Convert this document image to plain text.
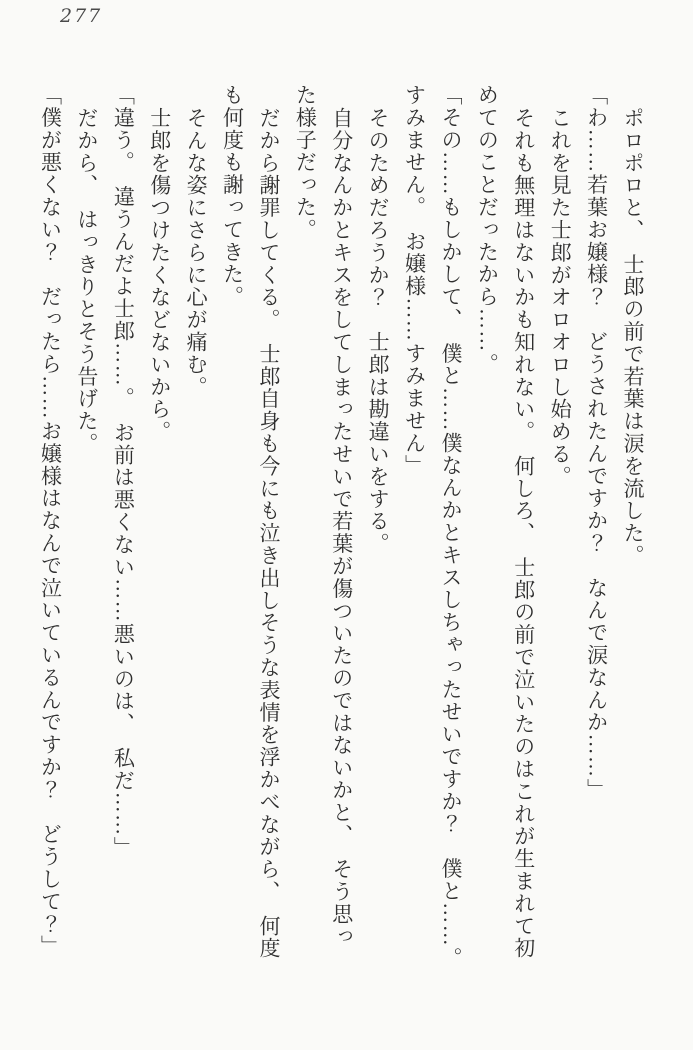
277

ポロポロと、　士郎の前で若葉は涙を流した。

「わ……若葉お嬢様？　どうされたんですか？　なんで涙なんか……」

これを見た士郎がオロオロし始める。

それも無理はないかも知れない。　何しろ、　士郎の前で泣いたのはこれが生まれて初

めてのことだったから……。

「その……もしかして、　僕と……僕なんかとキスしちゃったせいですか？　僕と……。

すみません。　お嬢様……すみません」

そのためだろうか？　士郎は勘違いをする。

自分なんかとキスをしてしまったせいで若葉が傷ついたのではないかと、　そう思っ

た様子だった。

だから謝罪してくる。　士郎自身も今にも泣き出しそうな表情を浮かべながら、　何度

も何度も謝ってきた。

そんな姿にさらに心が痛む。

士郎を傷つけたくなどないから。

「違う。　違うんだよ士郎……。　お前は悪くない……悪いのは、　私だ……」

だから、　はっきりとそう告げた。

「僕が悪くない？　だったら……お嬢様はなんで泣いているんですか？　どうして？」
